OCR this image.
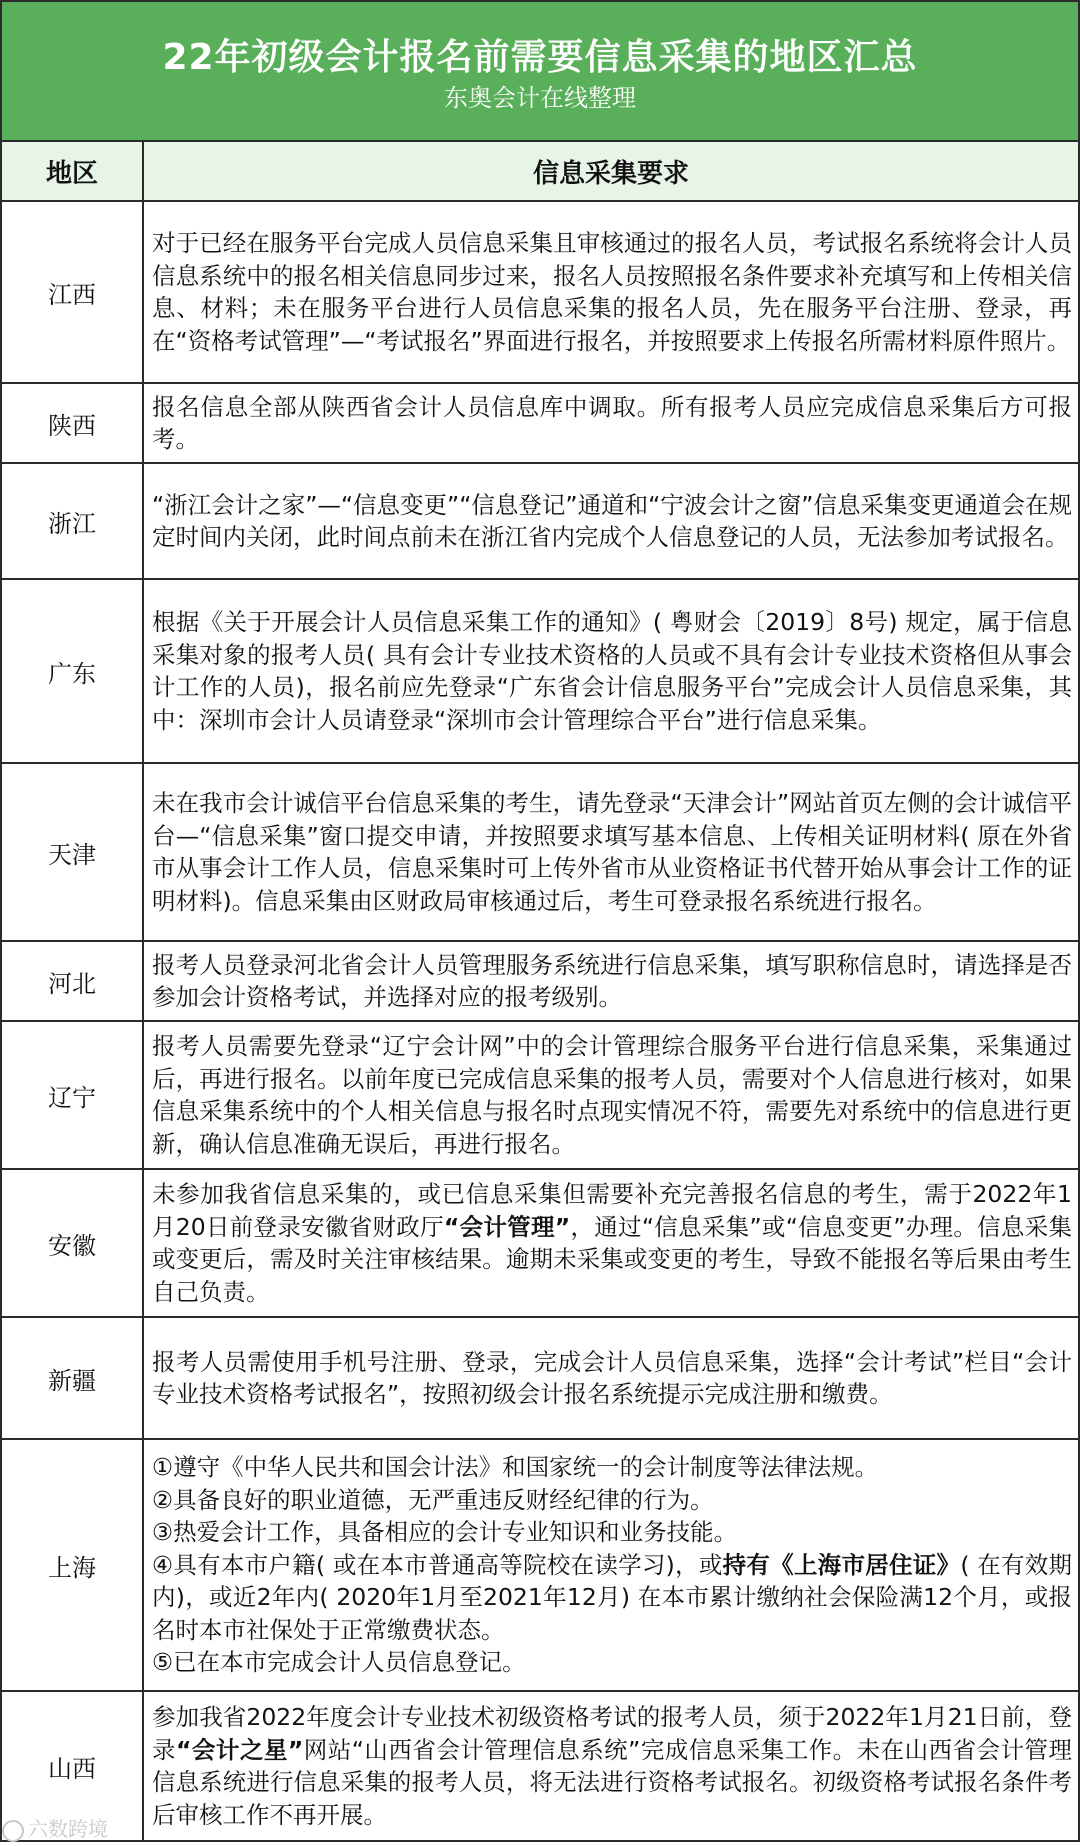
22年初级会计报名前需要信息采集的地区汇总
东奥会计在线整理
地区	信息采集要求
江西	对于已经在服务平台完成人员信息采集且审核通过的报名人员，考试报名系统将会计人员信息系统中的报名相关信息同步过来，报名人员按照报名条件要求补充填写和上传相关信息、材料；未在服务平台进行人员信息采集的报名人员，先在服务平台注册、登录，再在“资格考试管理”—“考试报名”界面进行报名，并按照要求上传报名所需材料原件照片。
陕西	报名信息全部从陕西省会计人员信息库中调取。所有报考人员应完成信息采集后方可报考。
浙江	“浙江会计之家”—“信息变更”“信息登记”通道和“宁波会计之窗”信息采集变更通道会在规定时间内关闭，此时间点前未在浙江省内完成个人信息登记的人员，无法参加考试报名。
广东	根据《关于开展会计人员信息采集工作的通知》( 粤财会〔2019〕8号) 规定，属于信息采集对象的报考人员( 具有会计专业技术资格的人员或不具有会计专业技术资格但从事会计工作的人员)，报名前应先登录“广东省会计信息服务平台”完成会计人员信息采集，其中：深圳市会计人员请登录“深圳市会计管理综合平台”进行信息采集。
天津	未在我市会计诚信平台信息采集的考生，请先登录“天津会计”网站首页左侧的会计诚信平台—“信息采集”窗口提交申请，并按照要求填写基本信息、上传相关证明材料( 原在外省市从事会计工作人员，信息采集时可上传外省市从业资格证书代替开始从事会计工作的证明材料)。信息采集由区财政局审核通过后，考生可登录报名系统进行报名。
河北	报考人员登录河北省会计人员管理服务系统进行信息采集，填写职称信息时，请选择是否参加会计资格考试，并选择对应的报考级别。
辽宁	报考人员需要先登录“辽宁会计网”中的会计管理综合服务平台进行信息采集，采集通过后，再进行报名。以前年度已完成信息采集的报考人员，需要对个人信息进行核对，如果信息采集系统中的个人相关信息与报名时点现实情况不符，需要先对系统中的信息进行更新，确认信息准确无误后，再进行报名。
安徽	未参加我省信息采集的，或已信息采集但需要补充完善报名信息的考生，需于2022年1月20日前登录安徽省财政厅“会计管理”，通过“信息采集”或“信息变更”办理。信息采集或变更后，需及时关注审核结果。逾期未采集或变更的考生，导致不能报名等后果由考生自己负责。
新疆	报考人员需使用手机号注册、登录，完成会计人员信息采集，选择“会计考试”栏目“会计专业技术资格考试报名”，按照初级会计报名系统提示完成注册和缴费。
上海	①遵守《中华人民共和国会计法》和国家统一的会计制度等法律法规。

②具备良好的职业道德，无严重违反财经纪律的行为。

③热爱会计工作，具备相应的会计专业知识和业务技能。

④具有本市户籍( 或在本市普通高等院校在读学习)，或持有《上海市居住证》( 在有效期内)，或近2年内( 2020年1月至2021年12月) 在本市累计缴纳社会保险满12个月，或报名时本市社保处于正常缴费状态。

⑤已在本市完成会计人员信息登记。

山西	参加我省2022年度会计专业技术初级资格考试的报考人员，须于2022年1月21日前，登录“会计之星”网站“山西省会计管理信息系统”完成信息采集工作。未在山西省会计管理信息系统进行信息采集的报考人员，将无法进行资格考试报名。初级资格考试报名条件考后审核工作不再开展。
六数跨境
